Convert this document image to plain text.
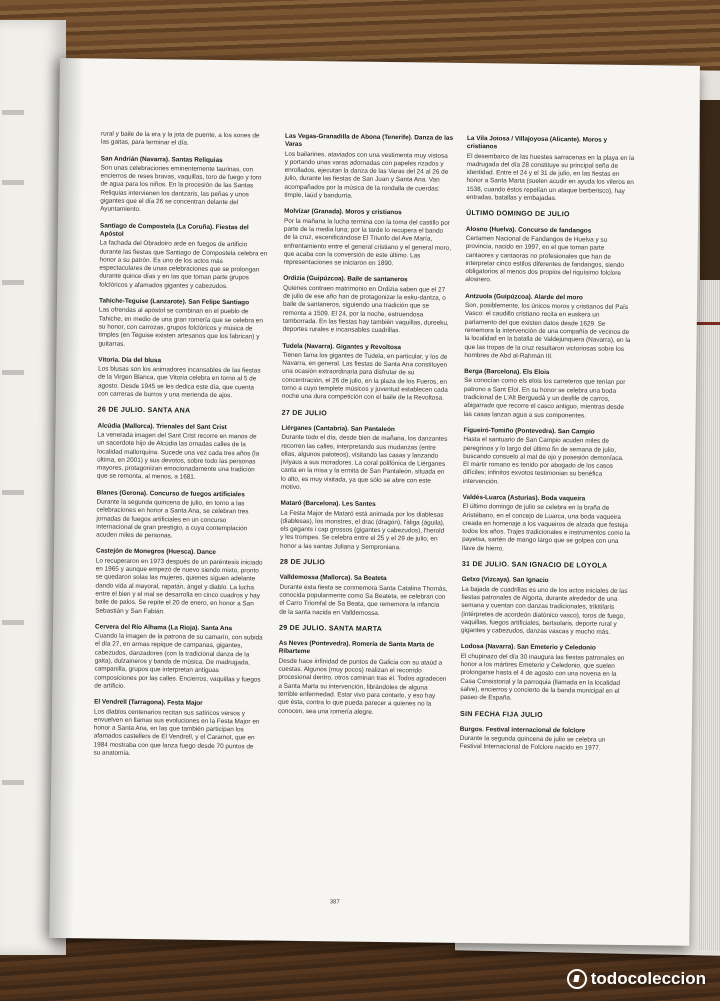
rural y baile de la era y la jota de puente, a los sones de las gaitas, para terminar el día.
San Andrián (Navarra). Santas Reliquias
Son unas celebraciones eminentemente taurinas, con encierros de reses bravas, vaquillas, toro de fuego y toro de agua para los niños. En la procesión de las Santas Reliquias intervienen los dantzaris, las peñas y unos gigantes que el día 26 se concentran delante del Ayuntamiento.
Santiago de Compostela (La Coruña). Fiestas del Apóstol
La fachada del Obradoiro arde en fuegos de artificio durante las fiestas que Santiago de Compostela celebra en honor a su patrón. Es uno de los actos más espectaculares de unas celebraciones que se prolongan durante quince días y en las que toman parte grupos folclóricos y afamados gigantes y cabezudos.
Tahiche-Teguise (Lanzarote). San Felipe Santiago
Las ofrendas al apóstol se combinan en el pueblo de Tahiche, en medio de una gran romería que se celebra en su honor, con carrozas, grupos folclóricos y música de timples (en Teguise existen artesanos que los fabrican) y guitarras.
Vitoria. Día del blusa
Los blusas son los animadores incansables de las fiestas de la Virgen Blanca, que Vitoria celebra en torno al 5 de agosto. Desde 1945 se les dedica este día, que cuenta con carreras de burros y una merienda de ajos.
26 DE JULIO. SANTA ANA
Alcúdia (Mallorca). Trienales del Sant Crist
La venerada imagen del Sant Crist recorre en manos de un sacerdote hijo de Alcúdia las ornadas calles de la localidad mallorquina. Sucede una vez cada tres años (la última, en 2001) y sus devotos, sobre todo las personas mayores, protagonizan emocionadamente una tradición que se remonta, al menos, a 1681.
Blanes (Gerona). Concurso de fuegos artificiales
Durante la segunda quincena de julio, en torno a las celebraciones en honor a Santa Ana, se celebran tres jornadas de fuegos artificiales en un concurso internacional de gran prestigio, a cuya contemplación acuden miles de personas.
Castejón de Monegros (Huesca). Dance
Lo recuperaron en 1973 después de un paréntesis iniciado en 1965 y aunque empezó de nuevo siendo mixto, pronto se quedaron solas las mujeres, quienes siguen adelante dando vida al mayoral, rapatán, ángel y diablo. La lucha entre el bien y el mal se desarrolla en cinco cuadros y hay baile de palos. Se repite el 20 de enero, en honor a San Sebastián y San Fabián.
Cervera del Río Alhama (La Rioja). Santa Ana
Cuando la imagen de la patrona de su camarín, con subida el día 27, en armas repique de campanas, gigantes, cabezudos, danzadores (con la tradicional danza de la gaita), dulzaineros y banda de música. De madrugada, campanilla, grupos que interpretan antiguas composiciones por las calles. Encierros, vaquillas y fuegos de artificio.
El Vendrell (Tarragona). Festa Major
Los diablos centenarios recitan sus satíricos versos y envuelven en llamas sus evoluciones en la Festa Major en honor a Santa Ana, en las que también participan los afamados castellers de El Vendrell, y el Caramot, que en 1984 mostraba con que lanza fuego desde 70 puntos de su anatomía.
Las Vegas-Granadilla de Abona (Tenerife). Danza de las Varas
Los bailarines, ataviados con una vestimenta muy vistosa y portando unas varas adornadas con papeles rizados y enrollados, ejecutan la danza de las Varas del 24 al 26 de julio, durante las fiestas de San Juan y Santa Ana. Van acompañados por la música de la rondalla de cuerdas: timple, laúd y bandurria.
Molvízar (Granada). Moros y cristianos
Por la mañana la lucha termina con la toma del castillo por parte de la media luna; por la tarde lo recupera el bando de la cruz, escenificándose El Triunfo del Ave María, enfrentamiento entre el general cristiano y el general moro, que acaba con la conversión de este último. Las representaciones se iniciaron en 1890.
Ordizia (Guipúzcoa). Baile de santaneros
Quienes contraen matrimonio en Ordizia saben que el 27 de julio de ese año han de protagonizar la esku-dantza, o baile de santaneros, siguiendo una tradición que se remonta a 1509. El 24, por la noche, estruendosa tamborrada. En las fiestas hay también vaquillas, dureeku, deportes rurales e incansables cuadrillas.
Tudela (Navarra). Gigantes y Revoltosa
Tienen fama los gigantes de Tudela, en particular, y los de Navarra, en general. Las fiestas de Santa Ana constituyen una ocasión extraordinaria para disfrutar de su concentración, el 26 de julio, en la plaza de los Fueros, en torno a cuyo templete músicos y juventud establecen cada noche una dura competición con el baile de la Revoltosa.
27 DE JULIO
Liérganes (Cantabria). San Pantaleón
Durante todo el día, desde bien de mañana, los danzantes recorren las calles, interpretando sus mudanzas (entre ellas, algunos paloteos), visitando las casas y lanzando jiviyaus a sus moradores. La coral polifónica de Liérganes canta en la misa y la ermita de San Pantaleón, situada en lo alto, es muy visitada, ya que sólo se abre con este motivo.
Mataró (Barcelona). Les Santes
La Festa Major de Mataró está animada por los diablesas (diablesas), los monstres, el drac (dragón), l'àliga (águila), els gegants i cap grossos (gigantes y cabezudos), l'herold y les trompes. Se celebra entre el 25 y el 29 de julio, en honor a las santas Juliana y Semproniana.
28 DE JULIO
Valldemossa (Mallorca). Sa Beateta
Durante esta fiesta se conmemora Santa Catalina Thomàs, conocida popularmente como Sa Beateta, se celebran con el Carro Triomfal de Sa Beata, que rememora la infancia de la santa nacida en Valldemossa.
29 DE JULIO. SANTA MARTA
As Neves (Pontevedra). Romería de Santa Marta de Ribarteme
Desde hace infinidad de puntos de Galicia con su ataúd a cuestas. Algunos (muy pocos) realizan el recorrido procesional dentro, otros caminan tras él. Todos agradecen a Santa Marta su intervención, librándoles de alguna terrible enfermedad. Estar vivo para contarlo, y eso hay que ésta, contra lo que pueda parecer a quienes no la conocen, sea una romería alegre.
La Vila Joiosa / Villajoyosa (Alicante). Moros y cristianos
El desembarco de las huestes sarracenas en la playa en la madrugada del día 28 constituye su principal seña de identidad. Entre el 24 y el 31 de julio, en las fiestas en honor a Santa Marta (suelen acudir en ayuda los vileros en 1538, cuando éstos repelían un ataque berberisco), hay entradas, batallas y embajadas.
ÚLTIMO DOMINGO DE JULIO
Alosno (Huelva). Concurso de fandangos
Certamen Nacional de Fandangos de Huelva y su provincia, nacido en 1997, en el que toman parte cantaores y cantaoras no profesionales que han de interpretar cinco estilos diferentes de fandangos, siendo obligatorios al menos dos propios del riquísimo folclore alosnero.
Antzuola (Guipúzcoa). Alarde del moro
Son, posiblemente, los únicos moros y cristianos del País Vasco: el caudillo cristiano recita en euskera un parlamento del que existen datos desde 1629. Se rememora la intervención de una compañía de vecinos de la localidad en la batalla de Valdejunquera (Navarra), en la que las tropas de la cruz resultaron victoriosas sobre los hombres de Abd al-Rahmán III.
Berga (Barcelona). Els Elois
Se conocían como els elois los carreteros que tenían por patrono a Sant Eloi. En su honor se celebra una boda tradicional de L'Alt Berguedà y un desfile de carros, abigarrado que recorre el casco antiguo, mientras desde las casas lanzan agua a sus componentes.
Figueiró-Tomiño (Pontevedra). San Campio
Hasta el santuario de San Campio acuden miles de peregrinos y lo largo del último fin de semana de julio, buscando consuelo al mal de ojo y posesión demoníaca. El mártir romano es tenido por abogado de los casos difíciles; infinitos exvotos testimonian su benéfica intervención.
Valdés-Luarca (Asturias). Boda vaqueira
El último domingo de julio se celebra en la braña de Aristébano, en el concejo de Luarca, una boda vaqueira creada en homenaje a los vaqueiros de alzada que festeja todos los años. Trajes tradicionales e instrumentos como la payetsa, sartén de mango largo que se golpea con una llave de hierro.
31 DE JULIO. SAN IGNACIO DE LOYOLA
Getxo (Vizcaya). San Ignacio
La bajada de cuadrillas es uno de los actos iniciales de las fiestas patronales de Algorta, durante alrededor de una semana y cuentan con danzas tradicionales, trikitilaris (intérpretes de acordeón diatónico vasco), toros de fuego, vaquillas, fuegos artificiales, bertsolaris, deporte rural y gigantes y cabezudos, danzas vascas y mucho más.
Lodosa (Navarra). San Emeterio y Celedonio
El chupinazo del día 30 inaugura las fiestas patronales en honor a los mártires Emeterio y Celedonio, que suelen prolongarse hasta el 4 de agosto con una novena en la Casa Consistorial y la parroquia (llamada en la localidad salve), encierros y concierto de la banda municipal en el paseo de España.
SIN FECHA FIJA JULIO
Burgos. Festival internacional de folclore
Durante la segunda quincena de julio se celebra un Festival Internacional de Folclore nacido en 1977.
387
todocoleccion
